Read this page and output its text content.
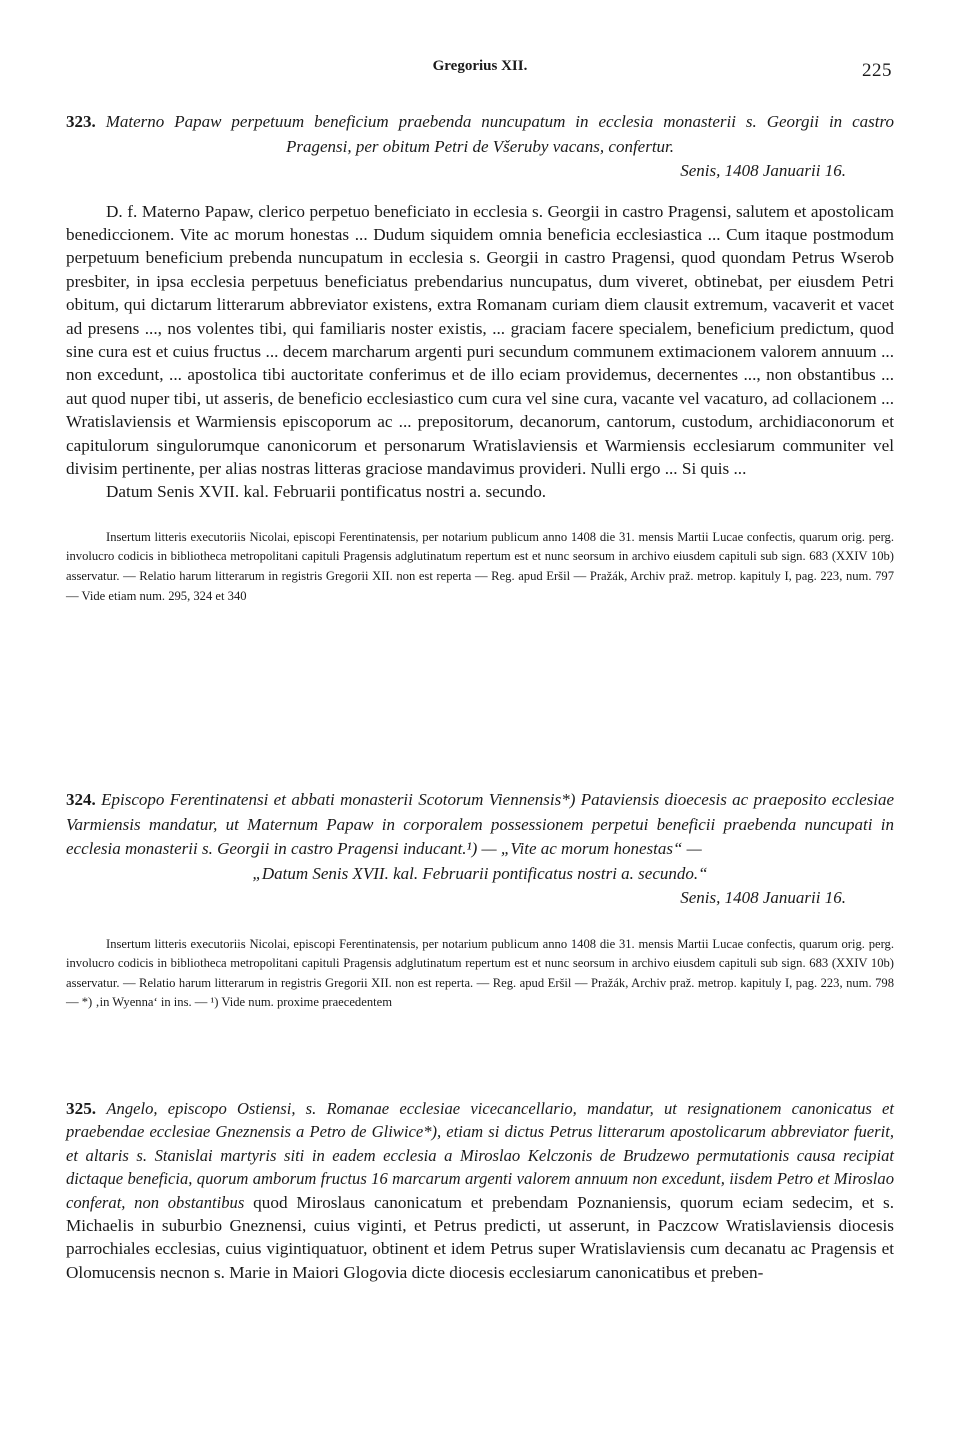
Gregorius XII.	225
323. Materno Papaw perpetuum beneficium praebenda nuncupatum in ecclesia monasterii s. Georgii in castro
Pragensi, per obitum Petri de Všeruby vacans, confertur.
Senis, 1408 Januarii 16.

D. f. Materno Papaw, clerico perpetuo beneficiato in ecclesia s. Georgii in castro Pragensi, salutem et apostolicam benediccionem. Vite ac morum honestas ... Dudum siquidem omnia beneficia ecclesiastica ... Cum itaque postmodum perpetuum beneficium prebenda nuncupatum in ecclesia s. Georgii in castro Pragensi, quod quondam Petrus Wserob presbiter, in ipsa ecclesia perpetuus beneficiatus prebendarius nuncupatus, dum viveret, obtinebat, per eiusdem Petri obitum, qui dictarum litterarum abbreviator existens, extra Romanam curiam diem clausit extremum, vacaverit et vacet ad presens ..., nos volentes tibi, qui familiaris noster existis, ... graciam facere specialem, beneficium predictum, quod sine cura est et cuius fructus ... decem marcharum argenti puri secundum communem extimacionem valorem annuum ... non excedunt, ... apostolica tibi auctoritate conferimus et de illo eciam providemus, decernentes ..., non obstantibus ... aut quod nuper tibi, ut asseris, de beneficio ecclesiastico cum cura vel sine cura, vacante vel vacaturo, ad collacionem ... Wratislaviensis et Warmiensis episcoporum ac ... prepositorum, decanorum, cantorum, custodum, archidiaconorum et capitulorum singulorumque canonicorum et personarum Wratislaviensis et Warmiensis ecclesiarum communiter vel divisim pertinente, per alias nostras litteras graciose mandavimus provideri. Nulli ergo ... Si quis ...

Datum Senis XVII. kal. Februarii pontificatus nostri a. secundo.

Insertum litteris executoriis Nicolai, episcopi Ferentinatensis, per notarium publicum anno 1408 die 31. mensis Martii Lucae confectis, quarum orig. perg. involucro codicis in bibliotheca metropolitani capituli Pragensis adglutinatum repertum est et nunc seorsum in archivo eiusdem capituli sub sign. 683 (XXIV 10b) asservatur. — Relatio harum litterarum in registris Gregorii XII. non est reperta — Reg. apud Eršil — Pražák, Archiv praž. metrop. kapituly I, pag. 223, num. 797 — Vide etiam num. 295, 324 et 340

324. Episcopo Ferentinatensi et abbati monasterii Scotorum Viennensis*) Pataviensis dioecesis ac praeposito ecclesiae Varmiensis mandatur, ut Maternum Papaw in corporalem possessionem perpetui beneficii praebenda nuncupati in ecclesia monasterii s. Georgii in castro Pragensi inducant.¹) — „Vite ac morum honestas“ —
„Datum Senis XVII. kal. Februarii pontificatus nostri a. secundo.“
Senis, 1408 Januarii 16.

Insertum litteris executoriis Nicolai, episcopi Ferentinatensis, per notarium publicum anno 1408 die 31. mensis Martii Lucae confectis, quarum orig. perg. involucro codicis in bibliotheca metropolitani capituli Pragensis adglutinatum repertum est et nunc seorsum in archivo eiusdem capituli sub sign. 683 (XXIV 10b) asservatur. — Relatio harum litterarum in registris Gregorii XII. non est reperta. — Reg. apud Eršil — Pražák, Archiv praž. metrop. kapituly I, pag. 223, num. 798 — *) ‚in Wyenna‘ in ins. — ¹) Vide num. proxime praecedentem

325. Angelo, episcopo Ostiensi, s. Romanae ecclesiae vicecancellario, mandatur, ut resignationem canonicatus et praebendae ecclesiae Gneznensis a Petro de Gliwice*), etiam si dictus Petrus litterarum apostolicarum abbreviator fuerit, et altaris s. Stanislai martyris siti in eadem ecclesia a Miroslao Kelczonis de Brudzewo permutationis causa recipiat dictaque beneficia, quorum amborum fructus 16 marcarum argenti valorem annuum non excedunt, iisdem Petro et Miroslao conferat, non obstantibus quod Miroslaus canonicatum et prebendam Poznaniensis, quorum eciam sedecim, et s. Michaelis in suburbio Gneznensi, cuius viginti, et Petrus predicti, ut asserunt, in Paczcow Wratislaviensis diocesis parrochiales ecclesias, cuius vigintiquatuor, obtinent et idem Petrus super Wratislaviensis cum decanatu ac Pragensis et Olomucensis necnon s. Marie in Maiori Glogovia dicte diocesis ecclesiarum canonicatibus et preben-
